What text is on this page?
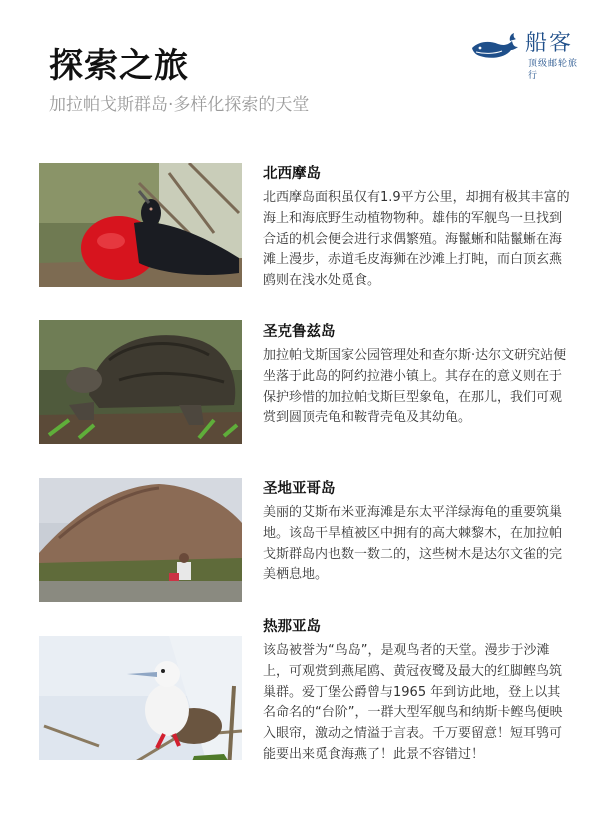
探索之旅
加拉帕戈斯群岛·多样化探索的天堂
船客
顶级邮轮旅行
北西摩岛

北西摩岛面积虽仅有1.9平方公里，却拥有极其丰富的海上和海底野生动植物物种。雄伟的军舰鸟一旦找到合适的机会便会进行求偶繁殖。海鬣蜥和陆鬣蜥在海滩上漫步，赤道毛皮海狮在沙滩上打盹，而白顶玄燕鸥则在浅水处觅食。

圣克鲁兹岛

加拉帕戈斯国家公园管理处和查尔斯·达尔文研究站便坐落于此岛的阿约拉港小镇上。其存在的意义则在于保护珍惜的加拉帕戈斯巨型象龟，在那儿，我们可观赏到圆顶壳龟和鞍背壳龟及其幼龟。

圣地亚哥岛

美丽的艾斯布米亚海滩是东太平洋绿海龟的重要筑巢地。该岛干旱植被区中拥有的高大棘黎木，在加拉帕戈斯群岛内也数一数二的，这些树木是达尔文雀的完美栖息地。

热那亚岛

该岛被誉为“鸟岛”，是观鸟者的天堂。漫步于沙滩上，可观赏到燕尾鸥、黄冠夜鹭及最大的红脚鲣鸟筑巢群。爱丁堡公爵曾与1965 年到访此地，登上以其名命名的“台阶”，一群大型军舰鸟和纳斯卡鲣鸟便映入眼帘，激动之情溢于言表。千万要留意！短耳鸮可能要出来觅食海燕了！此景不容错过！
